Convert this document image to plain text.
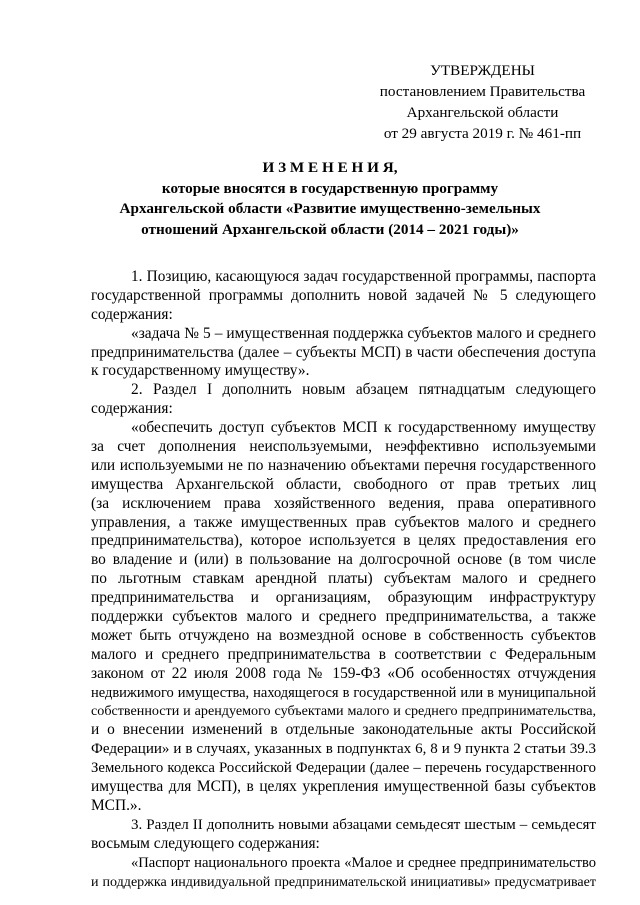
УТВЕРЖДЕНЫ
постановлением Правительства
Архангельской области
от 29 августа 2019 г. № 461-пп
И З М Е Н Е Н И Я,
которые вносятся в государственную программу
Архангельской области «Развитие имущественно-земельных
отношений Архангельской области (2014 – 2021 годы)»
1. Позицию, касающуюся задач государственной программы, паспорта
государственной программы дополнить новой задачей № 5 следующего
содержания:
«задача № 5 – имущественная поддержка субъектов малого и среднего
предпринимательства (далее – субъекты МСП) в части обеспечения доступа
к государственному имуществу».
2. Раздел I дополнить новым абзацем пятнадцатым следующего
содержания:
«обеспечить доступ субъектов МСП к государственному имуществу
за счет дополнения неиспользуемыми, неэффективно используемыми
или используемыми не по назначению объектами перечня государственного
имущества Архангельской области, свободного от прав третьих лиц
(за исключением права хозяйственного ведения, права оперативного
управления, а также имущественных прав субъектов малого и среднего
предпринимательства), которое используется в целях предоставления его
во владение и (или) в пользование на долгосрочной основе (в том числе
по льготным ставкам арендной платы) субъектам малого и среднего
предпринимательства и организациям, образующим инфраструктуру
поддержки субъектов малого и среднего предпринимательства, а также
может быть отчуждено на возмездной основе в собственность субъектов
малого и среднего предпринимательства в соответствии с Федеральным
законом от 22 июля 2008 года № 159-ФЗ «Об особенностях отчуждения
недвижимого имущества, находящегося в государственной или в муниципальной
собственности и арендуемого субъектами малого и среднего предпринимательства,
и о внесении изменений в отдельные законодательные акты Российской
Федерации» и в случаях, указанных в подпунктах 6, 8 и 9 пункта 2 статьи 39.3
Земельного кодекса Российской Федерации (далее – перечень государственного
имущества для МСП), в целях укрепления имущественной базы субъектов
МСП.».
3. Раздел II дополнить новыми абзацами семьдесят шестым – семьдесят
восьмым следующего содержания:
«Паспорт национального проекта «Малое и среднее предпринимательство
и поддержка индивидуальной предпринимательской инициативы» предусматривает
